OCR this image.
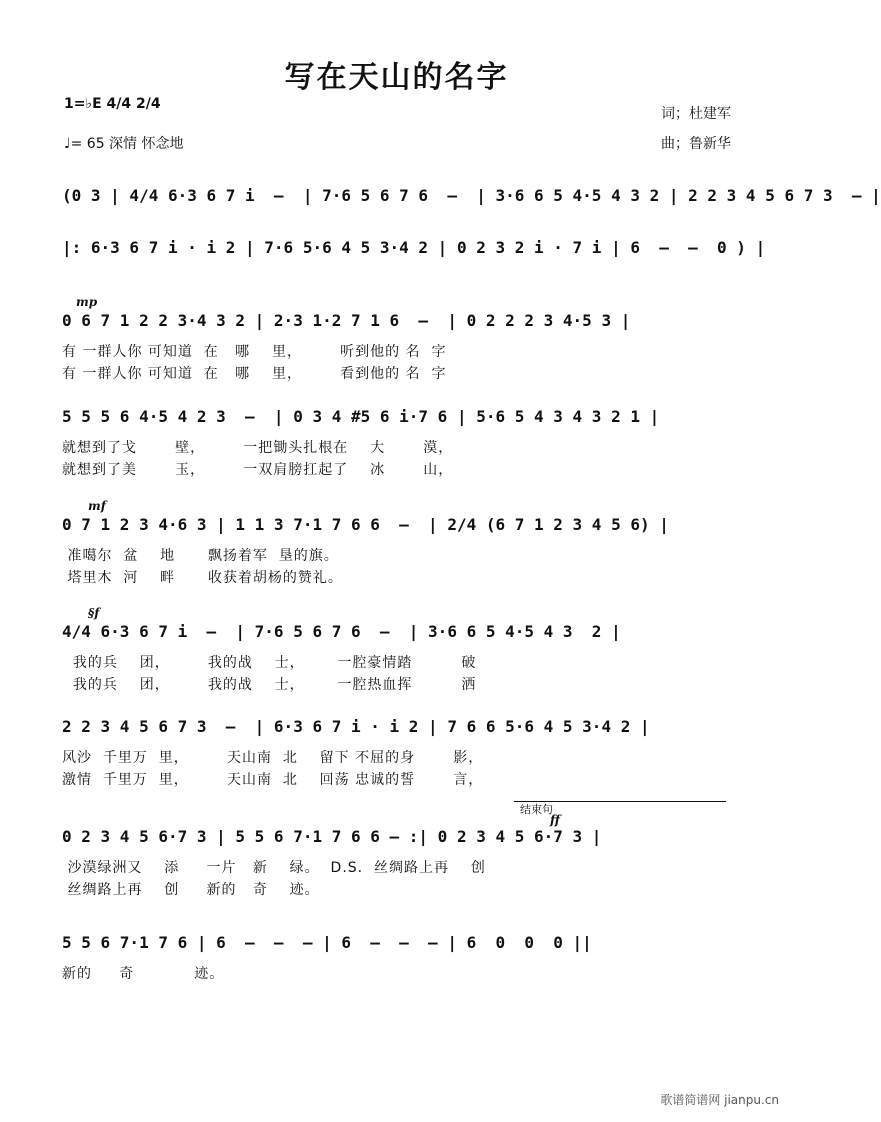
写在天山的名字
1=♭E 4/4 2/4
♩= 65 深情 怀念地
词；杜建军
曲；鲁新华
(0 3 | 4/4 6·3 6 7 i  –  | 7·6 5 6 7 6  –  | 3·6 6 5 4·5 4 3 2 | 2 2 3 4 5 6 7 3  – |
|: 6·3 6 7 i · i 2 | 7·6 5·6 4 5 3·4 2 | 0 2 3 2 i · 7 i | 6  –  –  0 ) |
mp
0 6 7 1 2 2 3·4 3 2 | 2·3 1·2 7 1 6  –  | 0 2 2 2 3 4·5 3 |
有 一群人你 可知道  在   哪    里，       听到他的 名  字
有 一群人你 可知道  在   哪    里，       看到他的 名  字
5 5 5 6 4·5 4 2 3  –  | 0 3 4 #5 6 i·7 6 | 5·6 5 4 3 4 3 2 1 |
就想到了戈       壁，       一把锄头扎根在    大       漠，
就想到了美       玉，       一双肩膀扛起了    冰       山，
mf
0 7 1 2 3 4·6 3 | 1 1 3 7·1 7 6 6  –  | 2/4 (6 7 1 2 3 4 5 6) |
准噶尔  盆    地      飘扬着军  垦的旗。
塔里木  河    畔      收获着胡杨的赞礼。
§f
4/4 6·3 6 7 i  –  | 7·6 5 6 7 6  –  | 3·6 6 5 4·5 4 3  2 |
我的兵    团，       我的战    士，      一腔豪情踏         破
我的兵    团，       我的战    士，      一腔热血挥         洒
2 2 3 4 5 6 7 3  –  | 6·3 6 7 i · i 2 | 7 6 6 5·6 4 5 3·4 2 |
风沙  千里万  里，       天山南  北    留下 不屈的身       影，
激情  千里万  里，       天山南  北    回荡 忠诚的誓       言，
结束句
ff
0 2 3 4 5 6·7 3 | 5 5 6 7·1 7 6 6 – :| 0 2 3 4 5 6·7 3 |
沙漠绿洲又    添     一片   新    绿。  D.S.  丝绸路上再    创
丝绸路上再    创     新的   奇    迹。
5 5 6 7·1 7 6 | 6  –  –  – | 6  –  –  – | 6  0  0  0 ||
新的     奇           迹。
歌谱简谱网 jianpu.cn
